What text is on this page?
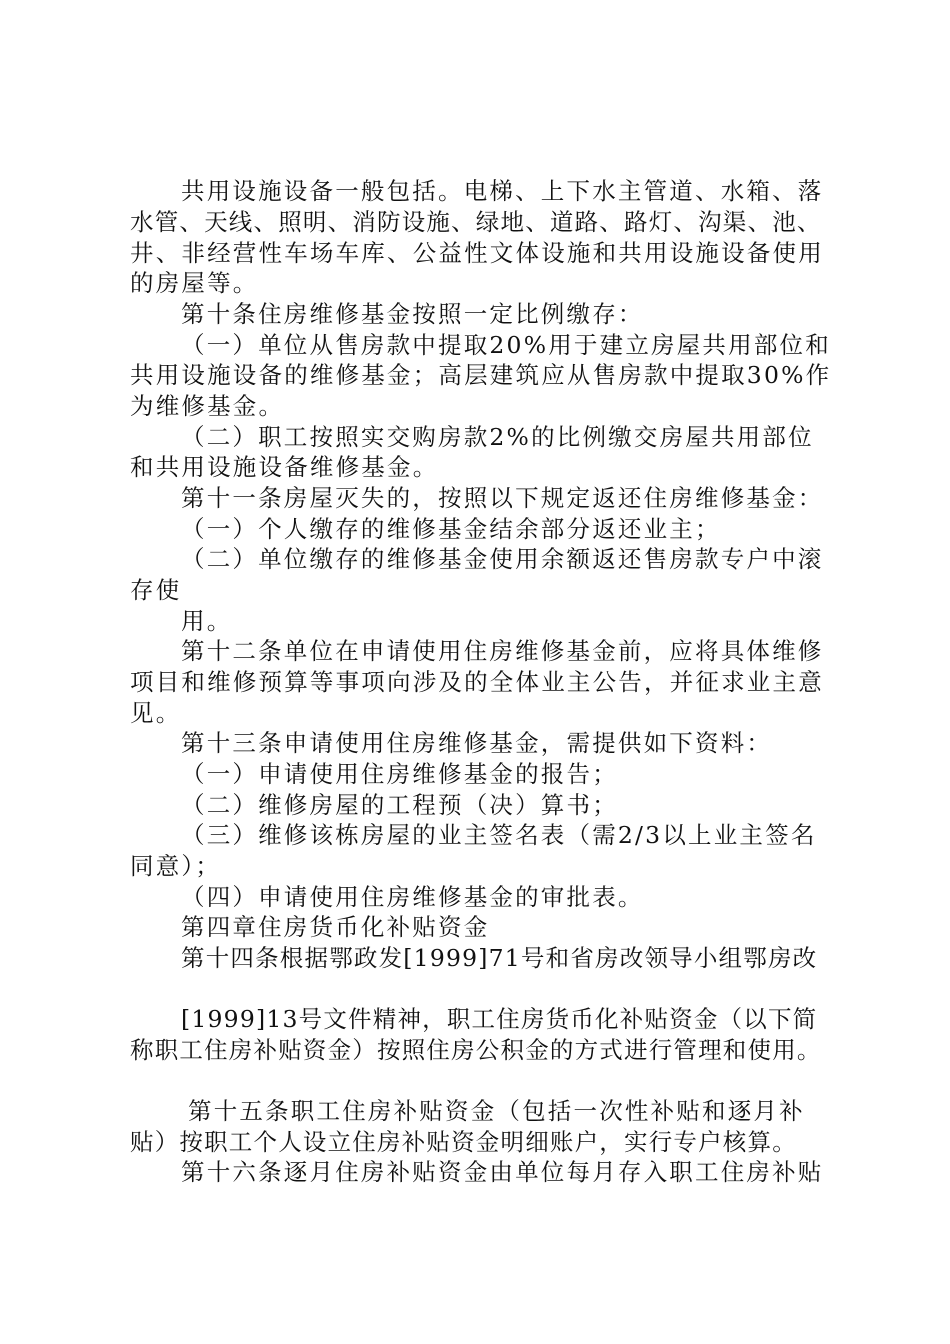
共用设施设备一般包括。电梯、上下水主管道、水箱、落

水管、天线、照明、消防设施、绿地、道路、路灯、沟渠、池、

井、非经营性车场车库、公益性文体设施和共用设施设备使用

的房屋等。

第十条住房维修基金按照一定比例缴存：

（一）单位从售房款中提取20%用于建立房屋共用部位和

共用设施设备的维修基金；高层建筑应从售房款中提取30%作

为维修基金。

（二）职工按照实交购房款2%的比例缴交房屋共用部位

和共用设施设备维修基金。

第十一条房屋灭失的，按照以下规定返还住房维修基金：

（一）个人缴存的维修基金结余部分返还业主；

（二）单位缴存的维修基金使用余额返还售房款专户中滚

存使

用。

第十二条单位在申请使用住房维修基金前，应将具体维修

项目和维修预算等事项向涉及的全体业主公告，并征求业主意

见。

第十三条申请使用住房维修基金，需提供如下资料：

（一）申请使用住房维修基金的报告；

（二）维修房屋的工程预（决）算书；

（三）维修该栋房屋的业主签名表（需2/3以上业主签名

同意）；

（四）申请使用住房维修基金的审批表。

第四章住房货币化补贴资金

第十四条根据鄂政发[1999]71号和省房改领导小组鄂房改

[1999]13号文件精神，职工住房货币化补贴资金（以下简

称职工住房补贴资金）按照住房公积金的方式进行管理和使用。

第十五条职工住房补贴资金（包括一次性补贴和逐月补

贴）按职工个人设立住房补贴资金明细账户，实行专户核算。

第十六条逐月住房补贴资金由单位每月存入职工住房补贴
